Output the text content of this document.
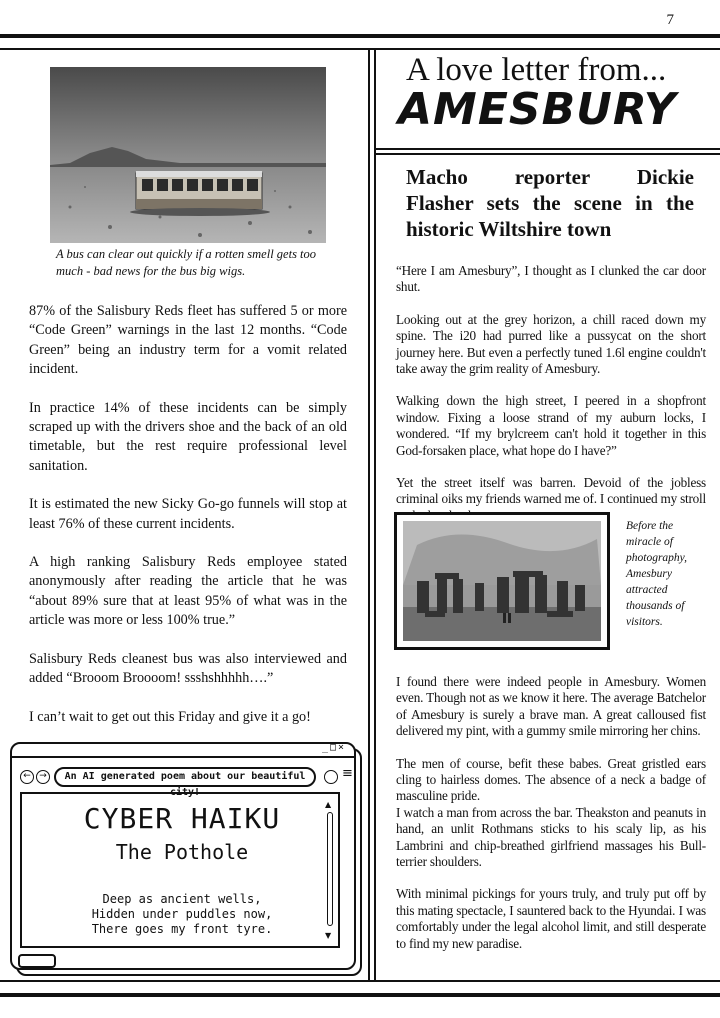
7
A bus can clear out quickly if a rotten smell gets too much - bad news for the bus big wigs.

87% of the Salisbury Reds fleet has suffered 5 or more “Code Green” warnings in the last 12 months. “Code Green” being an industry term for a vomit related incident.

In practice 14% of these incidents can be simply scraped up with the drivers shoe and the back of an old timetable, but the rest require professional level sanitation.

It is estimated the new Sicky Go-go funnels will stop at least 76% of these current incidents.

A high ranking Salisbury Reds employee stated anonymously after reading the article that he was “about 89% sure that at least 95% of what was in the article was more or less 100% true.”

Salisbury Reds cleanest bus was also interviewed and added “Brooom Broooom! ssshshhhhh….”

I can’t wait to get out this Friday and give it a go!

_□×
← →	An AI generated poem about our beautiful city!
≡
CYBER HAIKU
The Pothole
Deep as ancient wells,
Hidden under puddles now,
There goes my front tyre.
▲
▼
A love letter from...
AMESBURY
Macho reporter Dickie
Flasher sets the scene in the
historic Wiltshire town

“Here I am Amesbury”, I thought as I clunked the car door shut.

Looking out at the grey horizon, a chill raced down my spine. The i20 had purred like a pussycat on the short journey here. But even a perfectly tuned 1.6l engine couldn't take away the grim reality of Amesbury.

Walking down the high street, I peered in a shopfront window. Fixing a loose strand of my auburn locks, I wondered. “If my brylcreem can't hold it together in this God-forsaken place, what hope do I have?”

Yet the street itself was barren. Devoid of the jobless criminal oiks my friends warned me of. I continued my stroll

Before the miracle of photography, Amesbury attracted thousands of visitors.

I found there were indeed people in Amesbury. Women even. Though not as we know it here. The average Batchelor of Amesbury is surely a brave man. A great calloused fist delivered my pint, with a gummy smile mirroring her chins.

The men of course, befit these babes. Great gristled ears cling to hairless domes. The absence of a neck a badge of masculine pride.

I watch a man from across the bar. Theakston and peanuts in hand, an unlit Rothmans sticks to his scaly lip, as his Lambrini and chip-breathed girlfriend massages his Bull-terrier shoulders.

With minimal pickings for yours truly, and truly put off by this mating spectacle, I sauntered back to the Hyundai. I was comfortably under the legal alcohol limit, and still desperate to find my new paradise.
